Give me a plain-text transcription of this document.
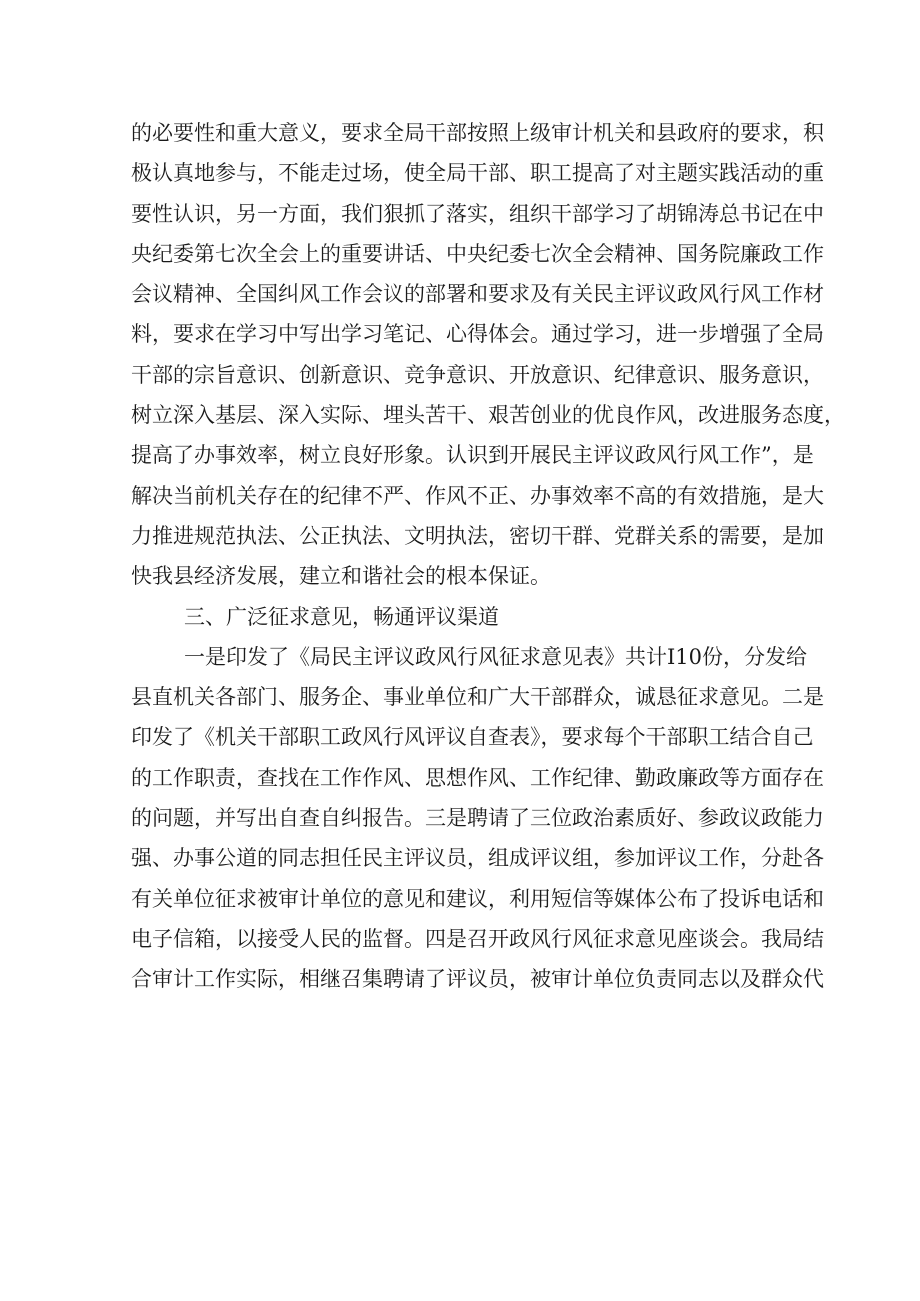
的必要性和重大意义，要求全局干部按照上级审计机关和县政府的要求，积
极认真地参与，不能走过场，使全局干部、职工提高了对主题实践活动的重
要性认识，另一方面，我们狠抓了落实，组织干部学习了胡锦涛总书记在中
央纪委第七次全会上的重要讲话、中央纪委七次全会精神、国务院廉政工作
会议精神、全国纠风工作会议的部署和要求及有关民主评议政风行风工作材
料，要求在学习中写出学习笔记、心得体会。通过学习，进一步增强了全局
干部的宗旨意识、创新意识、竞争意识、开放意识、纪律意识、服务意识，
树立深入基层、深入实际、埋头苦干、艰苦创业的优良作风，改进服务态度，
提高了办事效率，树立良好形象。认识到开展民主评议政风行风工作”，是
解决当前机关存在的纪律不严、作风不正、办事效率不高的有效措施，是大
力推进规范执法、公正执法、文明执法，密切干群、党群关系的需要，是加
快我县经济发展，建立和谐社会的根本保证。
三、广泛征求意见，畅通评议渠道
一是印发了《局民主评议政风行风征求意见表》共计I10份，分发给
县直机关各部门、服务企、事业单位和广大干部群众，诚恳征求意见。二是
印发了《机关干部职工政风行风评议自查表》，要求每个干部职工结合自己
的工作职责，查找在工作作风、思想作风、工作纪律、勤政廉政等方面存在
的问题，并写出自查自纠报告。三是聘请了三位政治素质好、参政议政能力
强、办事公道的同志担任民主评议员，组成评议组，参加评议工作，分赴各
有关单位征求被审计单位的意见和建议，利用短信等媒体公布了投诉电话和
电子信箱，以接受人民的监督。四是召开政风行风征求意见座谈会。我局结
合审计工作实际，相继召集聘请了评议员，被审计单位负责同志以及群众代
